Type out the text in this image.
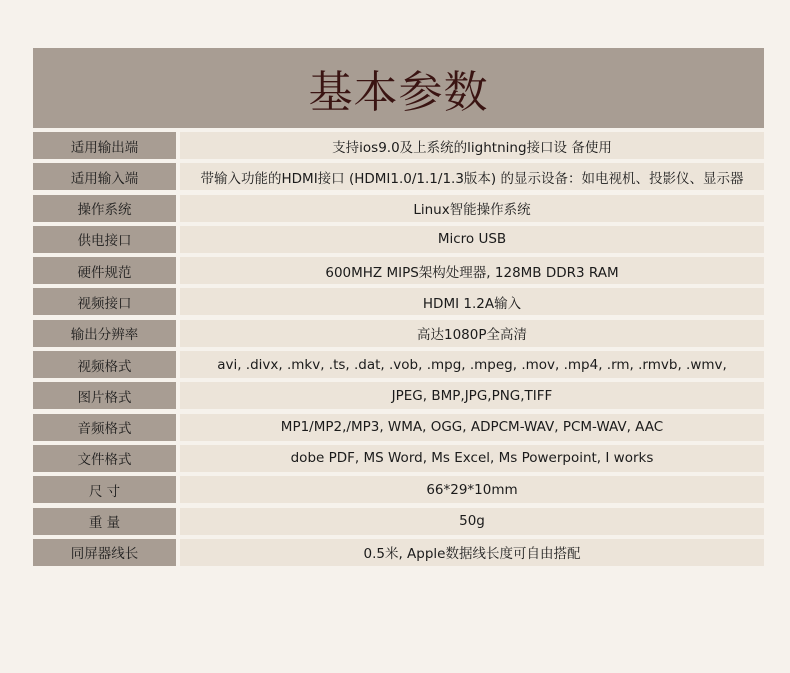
基本参数
适用输出端	支持ios9.0及上系统的lightning接口设 备使用
适用输入端	带输入功能的HDMI接口 (HDMI1.0/1.1/1.3版本) 的显示设备：如电视机、投影仪、显示器
操作系统	Linux智能操作系统
供电接口	Micro USB
硬件规范	600MHZ MIPS架构处理器, 128MB DDR3 RAM
视频接口	HDMI 1.2A输入
输出分辨率	高达1080P全高清
视频格式	avi, .divx, .mkv, .ts, .dat, .vob, .mpg, .mpeg, .mov, .mp4, .rm, .rmvb, .wmv,
图片格式	JPEG, BMP,JPG,PNG,TIFF
音频格式	MP1/MP2,/MP3, WMA, OGG, ADPCM-WAV, PCM-WAV, AAC
文件格式	dobe PDF, MS Word, Ms Excel, Ms Powerpoint, I works
尺 寸	66*29*10mm
重 量	50g
同屏器线长	0.5米, Apple数据线长度可自由搭配
